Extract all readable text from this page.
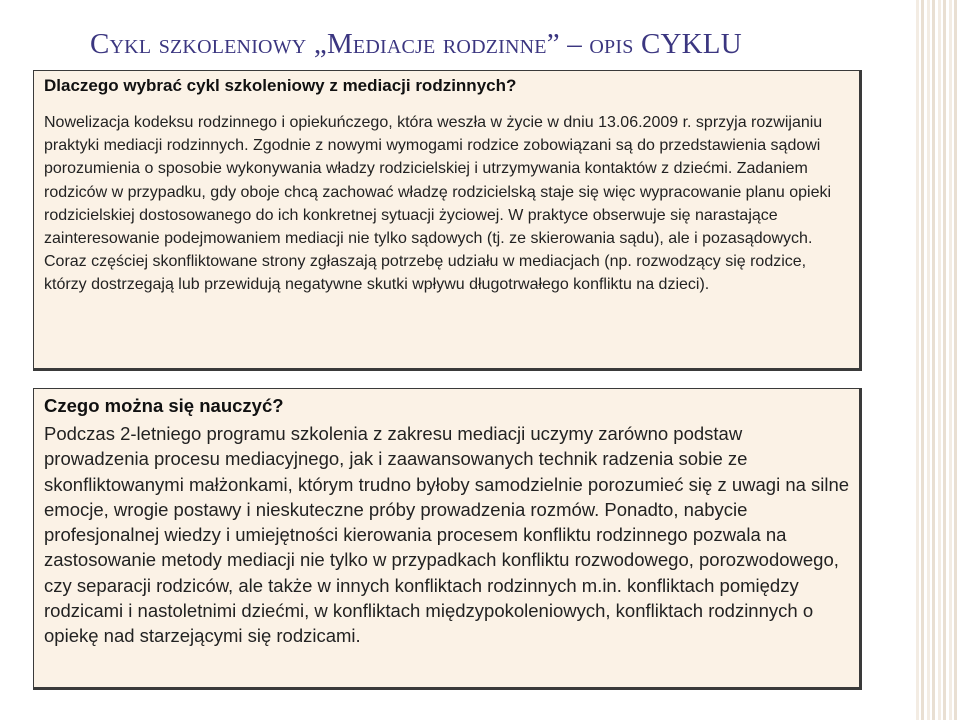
Cykl szkoleniowy „Mediacje rodzinne” – opis CYKLU

Dlaczego wybrać cykl szkoleniowy z mediacji rodzinnych?

Nowelizacja kodeksu rodzinnego i opiekuńczego, która weszła w życie w dniu 13.06.2009 r. sprzyja rozwijaniu praktyki mediacji rodzinnych. Zgodnie z nowymi wymogami rodzice zobowiązani są do przedstawienia sądowi porozumienia o sposobie wykonywania władzy rodzicielskiej i utrzymywania kontaktów z dziećmi. Zadaniem rodziców w przypadku, gdy oboje chcą zachować władzę rodzicielską staje się więc wypracowanie planu opieki rodzicielskiej dostosowanego do ich konkretnej sytuacji życiowej. W praktyce obserwuje się narastające zainteresowanie podejmowaniem mediacji nie tylko sądowych (tj. ze skierowania sądu), ale i pozasądowych. Coraz częściej skonfliktowane strony zgłaszają potrzebę udziału w mediacjach (np. rozwodzący się rodzice, którzy dostrzegają lub przewidują negatywne skutki wpływu długotrwałego konfliktu na dzieci).

Czego można się nauczyć?

Podczas 2-letniego programu szkolenia z zakresu mediacji uczymy zarówno podstaw prowadzenia procesu mediacyjnego, jak i zaawansowanych technik radzenia sobie ze skonfliktowanymi małżonkami, którym trudno byłoby samodzielnie porozumieć się z uwagi na silne emocje, wrogie postawy i nieskuteczne próby prowadzenia rozmów. Ponadto, nabycie profesjonalnej wiedzy i umiejętności kierowania procesem konfliktu rodzinnego pozwala na zastosowanie metody mediacji nie tylko w przypadkach konfliktu rozwodowego, porozwodowego, czy separacji rodziców, ale także w innych konfliktach rodzinnych m.in. konfliktach pomiędzy rodzicami i nastoletnimi dziećmi, w konfliktach międzypokoleniowych, konfliktach rodzinnych o opiekę nad starzejącymi się rodzicami.
